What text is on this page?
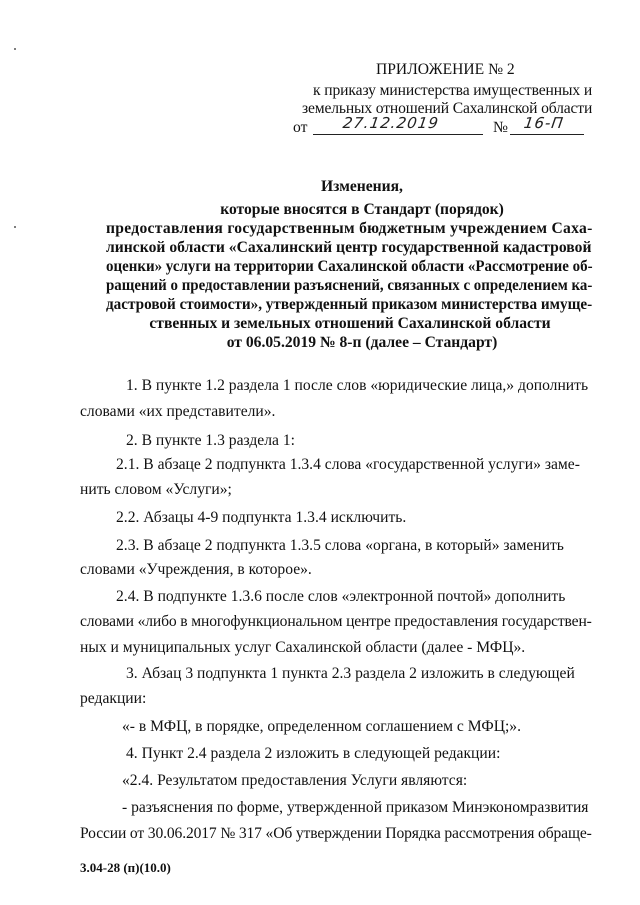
ПРИЛОЖЕНИЕ № 2
к приказу министерства имущественных и
земельных отношений Сахалинской области
от 27.12.2019	№ 16-П
Изменения,
которые вносятся в Стандарт (порядок)
предоставления государственным бюджетным учреждением Саха-
линской области «Сахалинский центр государственной кадастровой
оценки» услуги на территории Сахалинской области «Рассмотрение об-
ращений о предоставлении разъяснений, связанных с определением ка-
дастровой стоимости», утвержденный приказом министерства имуще-
ственных и земельных отношений Сахалинской области
от 06.05.2019 № 8-п (далее – Стандарт)
1. В пункте 1.2 раздела 1 после слов «юридические лица,» дополнить
словами «их представители».
2. В пункте 1.3 раздела 1:
2.1. В абзаце 2 подпункта 1.3.4 слова «государственной услуги» заме-
нить словом «Услуги»;
2.2. Абзацы 4-9 подпункта 1.3.4 исключить.
2.3. В абзаце 2 подпункта 1.3.5 слова «органа, в который» заменить
словами «Учреждения, в которое».
2.4. В подпункте 1.3.6 после слов «электронной почтой» дополнить
словами «либо в многофункциональном центре предоставления государствен-
ных и муниципальных услуг Сахалинской области (далее - МФЦ».
3. Абзац 3 подпункта 1 пункта 2.3 раздела 2 изложить в следующей
редакции:
«- в МФЦ, в порядке, определенном соглашением с МФЦ;».
4. Пункт 2.4 раздела 2 изложить в следующей редакции:
«2.4. Результатом предоставления Услуги являются:
- разъяснения по форме, утвержденной приказом Минэкономразвития
России от 30.06.2017 № 317 «Об утверждении Порядка рассмотрения обраще-
3.04-28 (п)(10.0)
